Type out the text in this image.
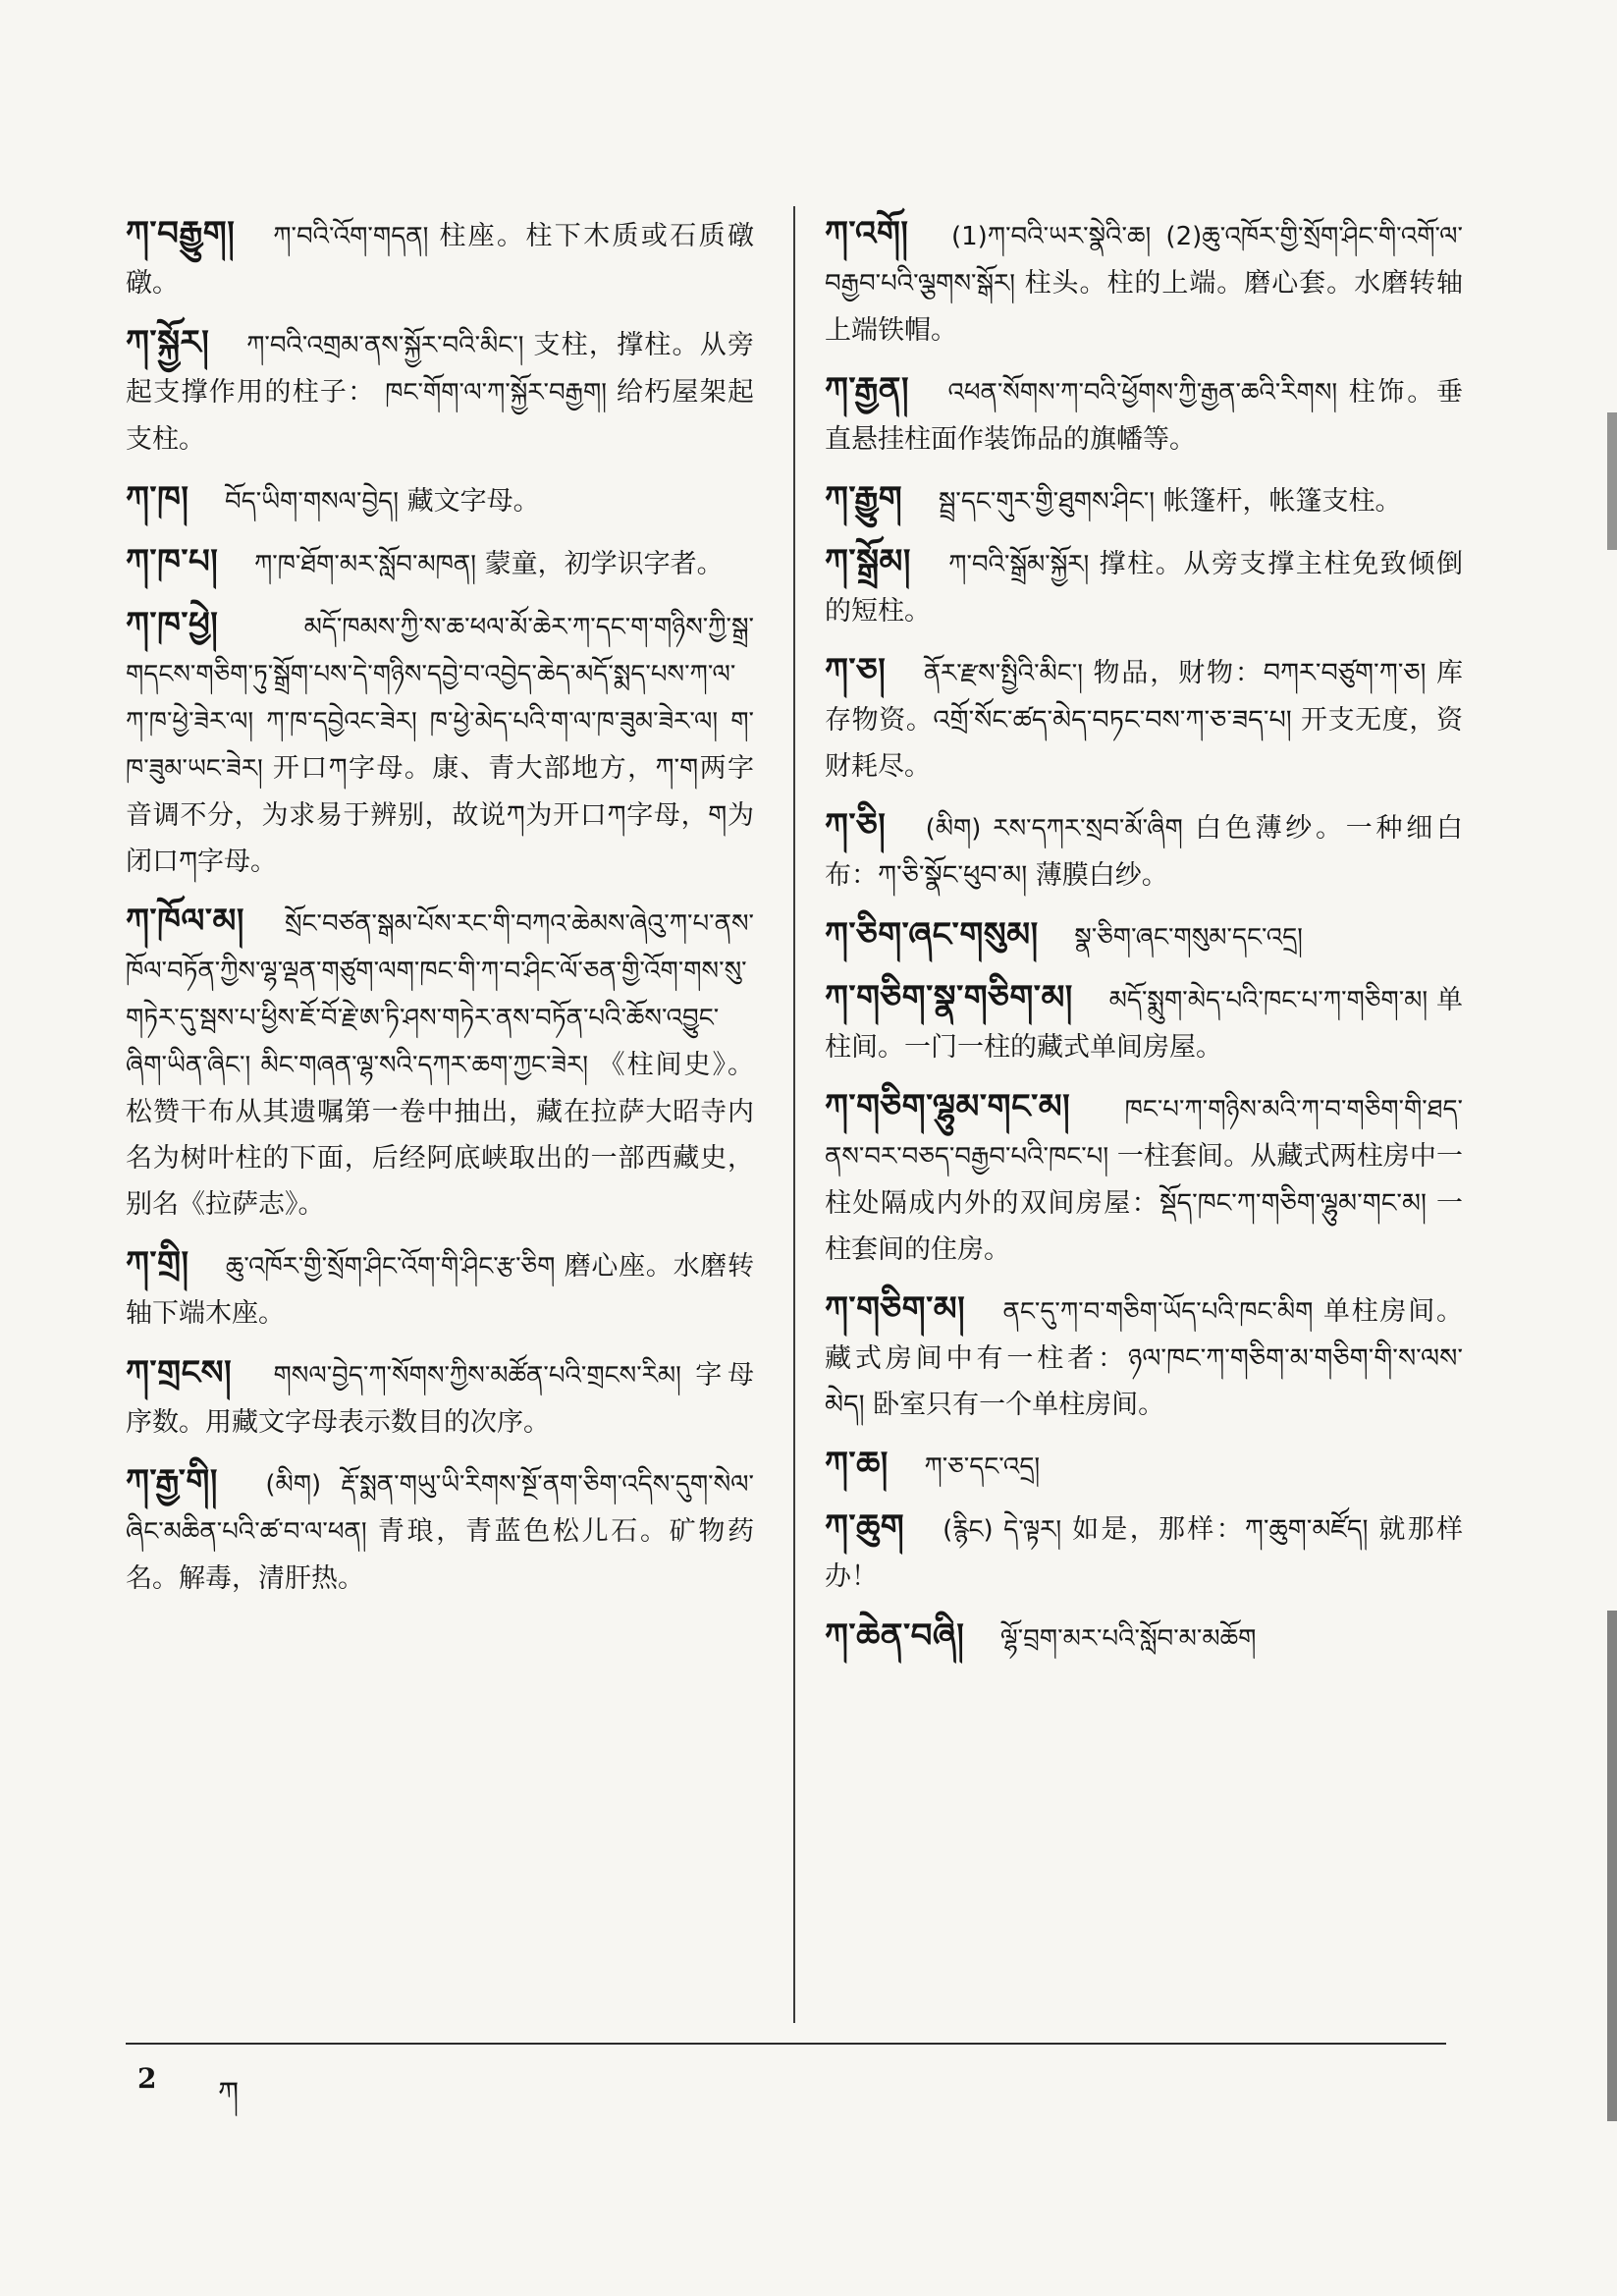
ཀ་བརྒྱུག། ཀ་བའི་འོག་གདན། 柱座。柱下木质或石质礅礅。
ཀ་སྐྱོར། ཀ་བའི་འགྲམ་ནས་སྐྱོར་བའི་མིང་། 支柱，撑柱。从旁起支撑作用的柱子： ཁང་གོག་ལ་ཀ་སྐྱོར་བརྒྱག། 给朽屋架起支柱。
ཀ་ཁ། བོད་ཡིག་གསལ་བྱེད། 藏文字母。
ཀ་ཁ་པ། ཀ་ཁ་ཐོག་མར་སློབ་མཁན། 蒙童，初学识字者。
ཀ་ཁ་ཕྱེ།	མདོ་ཁམས་ཀྱི་ས་ཆ་ཕལ་མོ་ཆེར་ཀ་དང་ག་གཉིས་ཀྱི་སྒྲ་གདངས་གཅིག་ཏུ་སྒྲོག་པས་དེ་གཉིས་དབྱེ་བ་འབྱེད་ཆེད་མདོ་སྨད་པས་ཀ་ལ་ཀ་ཁ་ཕྱེ་ཟེར་ལ། ཀ་ཁ་དབྱེའང་ཟེར། ཁ་ཕྱེ་མེད་པའི་ག་ལ་ཁ་ཟུམ་ཟེར་ལ། ག་ཁ་ཟུམ་ཡང་ཟེར། 开口ཀ字母。康、青大部地方，ཀ་ག两字音调不分，为求易于辨别，故说ཀ为开口ཀ字母，ག为闭口ཀ字母。
ཀ་ཁོལ་མ། སྲོང་བཙན་སྒམ་པོས་རང་གི་བཀའ་ཆེམས་ཞེའུ་ཀ་པ་ནས་ཁོལ་བཏོན་ཀྱིས་ལྷ་ལྡན་གཙུག་ལག་ཁང་གི་ཀ་བ་ཤིང་ལོ་ཅན་གྱི་འོག་གས་སུ་གཏེར་དུ་སྦས་པ་ཕྱིས་ཇོ་བོ་རྗེ་ཨ་ཏི་ཤས་གཏེར་ནས་བཏོན་པའི་ཆོས་འབྱུང་ཞིག་ཡིན་ཞིང་། མིང་གཞན་ལྷ་སའི་དཀར་ཆག་ཀྱང་ཟེར། 《柱间史》。松赞干布从其遗嘱第一卷中抽出，藏在拉萨大昭寺内名为树叶柱的下面，后经阿底峡取出的一部西藏史，别名《拉萨志》。
ཀ་གྲི། ཆུ་འཁོར་གྱི་སྲོག་ཤིང་འོག་གི་ཤིང་རྩ་ཅིག 磨心座。水磨转轴下端木座。
ཀ་གྲངས། གསལ་བྱེད་ཀ་སོགས་ཀྱིས་མཚོན་པའི་གྲངས་རིམ། 字母序数。用藏文字母表示数目的次序。
ཀ་རྒྱ་གི། (མིག) རྡོ་སྨན་གཡུ་ཡི་རིགས་སྔོ་ནག་ཅིག་འདིས་དུག་སེལ་ཞིང་མཆིན་པའི་ཚ་བ་ལ་ཕན། 青琅，青蓝色松儿石。矿物药名。解毒，清肝热。
ཀ་འགོ། (1)ཀ་བའི་ཡར་སྣེའི་ཆ། (2)ཆུ་འཁོར་གྱི་སྲོག་ཤིང་གི་འགོ་ལ་བརྒྱབ་པའི་ལྕགས་སྒོར། 柱头。柱的上端。磨心套。水磨转轴上端铁帽。
ཀ་རྒྱན། འཕན་སོགས་ཀ་བའི་ཕྱོགས་ཀྱི་རྒྱན་ཆའི་རིགས། 柱饰。垂直悬挂柱面作装饰品的旗幡等。
ཀ་རྒྱུག སྦྲ་དང་གུར་གྱི་ཐུགས་ཤིང་། 帐篷杆，帐篷支柱。
ཀ་སྒྲོམ། ཀ་བའི་སྒྲོམ་སྐྱོར། 撑柱。从旁支撑主柱免致倾倒的短柱。
ཀ་ཅ། ནོར་རྫས་སྤྱིའི་མིང་། 物品，财物：བཀར་བཙུག་ཀ་ཅ། 库存物资。འགྲོ་སོང་ཚད་མེད་བཏང་བས་ཀ་ཅ་ཟད་པ། 开支无度，资财耗尽。
ཀ་ཅི། (མིག) རས་དཀར་སྲབ་མོ་ཞིག 白色薄纱。一种细白布：ཀ་ཅི་སྣོང་ཕུབ་མ། 薄膜白纱。
ཀ་ཅིག་ཞང་གསུམ། སྣ་ཅིག་ཞང་གསུམ་དང་འདྲ།
ཀ་གཅིག་སྣ་གཅིག་མ། མདོ་སྨུག་མེད་པའི་ཁང་པ་ཀ་གཅིག་མ། 单柱间。一门一柱的藏式单间房屋。
ཀ་གཅིག་ལྷུམ་གང་མ། ཁང་པ་ཀ་གཉིས་མའི་ཀ་བ་གཅིག་གི་ཐད་ནས་བར་བཅད་བརྒྱབ་པའི་ཁང་པ། 一柱套间。从藏式两柱房中一柱处隔成内外的双间房屋：སྡོད་ཁང་ཀ་གཅིག་ལྷུམ་གང་མ། 一柱套间的住房。
ཀ་གཅིག་མ། ནང་དུ་ཀ་བ་གཅིག་ཡོད་པའི་ཁང་མིག 单柱房间。藏式房间中有一柱者：ཉལ་ཁང་ཀ་གཅིག་མ་གཅིག་གི་ས་ལས་མེད། 卧室只有一个单柱房间。
ཀ་ཆ། ཀ་ཅ་དང་འདྲ།
ཀ་ཆུག (རྙིང) དེ་ལྟར། 如是，那样：ཀ་ཆུག་མཛོད། 就那样办！
ཀ་ཆེན་བཞི། ལྷོ་བྲག་མར་པའི་སློབ་མ་མཆོག
2 ཀ
